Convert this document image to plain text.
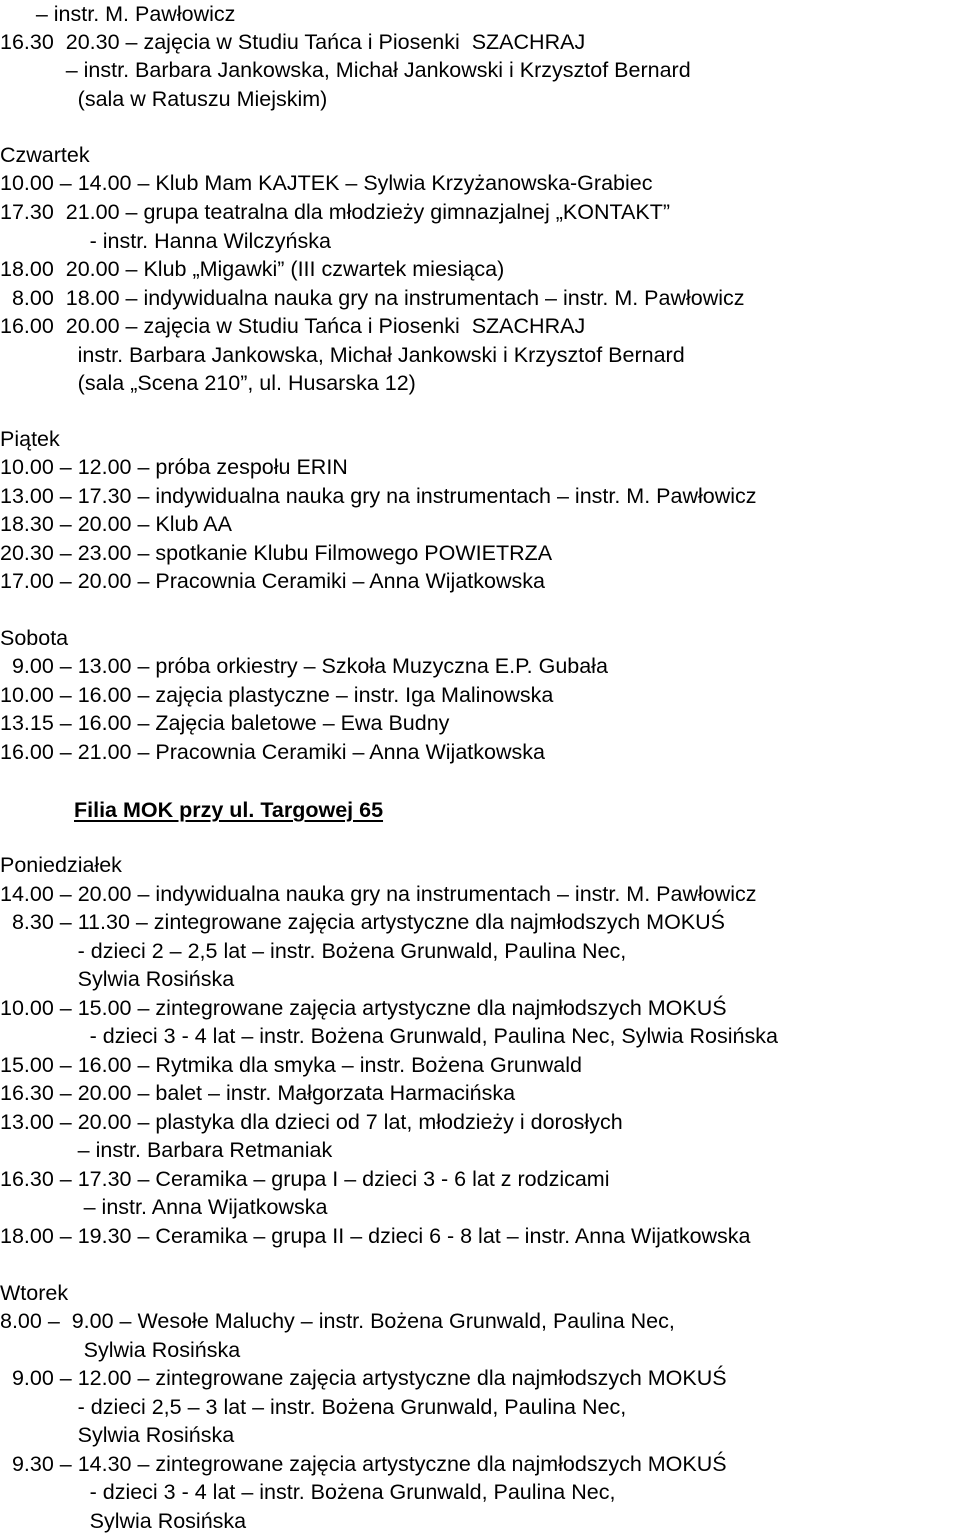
– instr. M. Pawłowicz
16.30  20.30 – zajęcia w Studiu Tańca i Piosenki  SZACHRAJ
– instr. Barbara Jankowska, Michał Jankowski i Krzysztof Bernard
(sala w Ratuszu Miejskim)
Czwartek
10.00 – 14.00 – Klub Mam KAJTEK – Sylwia Krzyżanowska-Grabiec
17.30  21.00 – grupa teatralna dla młodzieży gimnazjalnej „KONTAKT”
- instr. Hanna Wilczyńska
18.00  20.00 – Klub „Migawki” (III czwartek miesiąca)
8.00  18.00 – indywidualna nauka gry na instrumentach – instr. M. Pawłowicz
16.00  20.00 – zajęcia w Studiu Tańca i Piosenki  SZACHRAJ
instr. Barbara Jankowska, Michał Jankowski i Krzysztof Bernard
(sala „Scena 210”, ul. Husarska 12)
Piątek
10.00 – 12.00 – próba zespołu ERIN
13.00 – 17.30 – indywidualna nauka gry na instrumentach – instr. M. Pawłowicz
18.30 – 20.00 – Klub AA
20.30 – 23.00 – spotkanie Klubu Filmowego POWIETRZA
17.00 – 20.00 – Pracownia Ceramiki – Anna Wijatkowska
Sobota
9.00 – 13.00 – próba orkiestry – Szkoła Muzyczna E.P. Gubała
10.00 – 16.00 – zajęcia plastyczne – instr. Iga Malinowska
13.15 – 16.00 – Zajęcia baletowe – Ewa Budny
16.00 – 21.00 – Pracownia Ceramiki – Anna Wijatkowska
Filia MOK przy ul. Targowej 65
Poniedziałek
14.00 – 20.00 – indywidualna nauka gry na instrumentach – instr. M. Pawłowicz
8.30 – 11.30 – zintegrowane zajęcia artystyczne dla najmłodszych MOKUŚ
- dzieci 2 – 2,5 lat – instr. Bożena Grunwald, Paulina Nec,
Sylwia Rosińska
10.00 – 15.00 – zintegrowane zajęcia artystyczne dla najmłodszych MOKUŚ
- dzieci 3 - 4 lat – instr. Bożena Grunwald, Paulina Nec, Sylwia Rosińska
15.00 – 16.00 – Rytmika dla smyka – instr. Bożena Grunwald
16.30 – 20.00 – balet – instr. Małgorzata Harmacińska
13.00 – 20.00 – plastyka dla dzieci od 7 lat, młodzieży i dorosłych
– instr. Barbara Retmaniak
16.30 – 17.30 – Ceramika – grupa I – dzieci 3 - 6 lat z rodzicami
– instr. Anna Wijatkowska
18.00 – 19.30 – Ceramika – grupa II – dzieci 6 - 8 lat – instr. Anna Wijatkowska
Wtorek
8.00 –  9.00 – Wesołe Maluchy – instr. Bożena Grunwald, Paulina Nec,
Sylwia Rosińska
9.00 – 12.00 – zintegrowane zajęcia artystyczne dla najmłodszych MOKUŚ
- dzieci 2,5 – 3 lat – instr. Bożena Grunwald, Paulina Nec,
Sylwia Rosińska
9.30 – 14.30 – zintegrowane zajęcia artystyczne dla najmłodszych MOKUŚ
- dzieci 3 - 4 lat – instr. Bożena Grunwald, Paulina Nec,
Sylwia Rosińska
